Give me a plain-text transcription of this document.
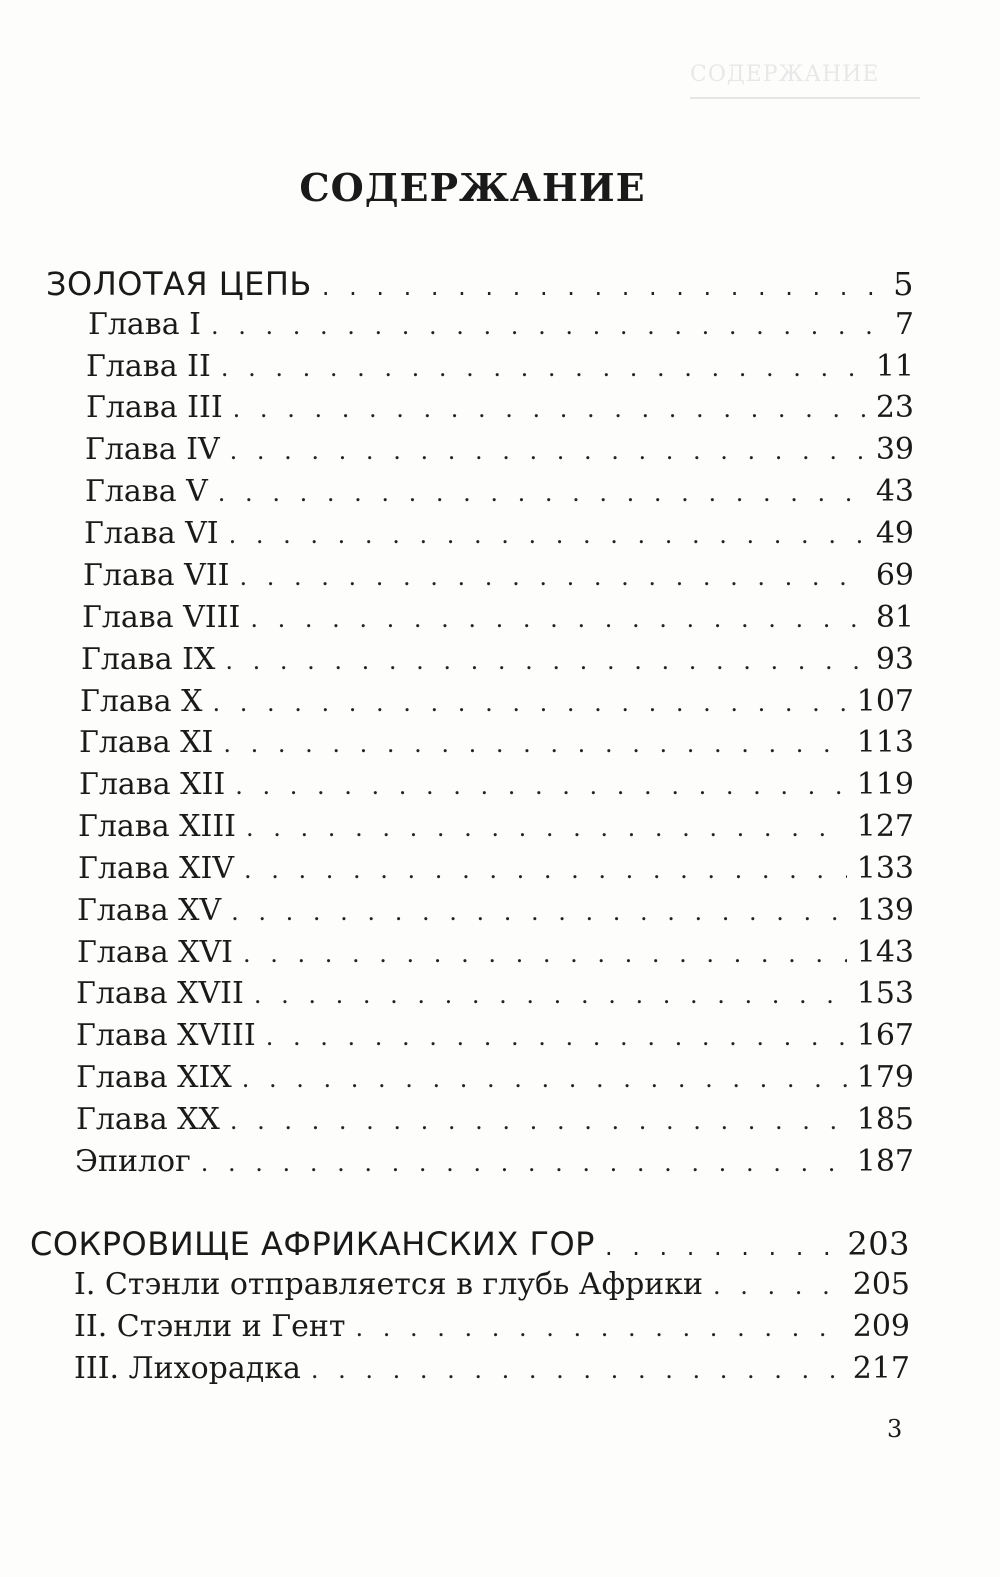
СОДЕРЖАНИЕ
СОДЕРЖАНИЕ
ЗОЛОТАЯ ЦЕПЬ . . .	5
Глава I . . .	7
Глава II . . .	11
Глава III . . .	23
Глава IV . . .	39
Глава V . . .	43
Глава VI . . .	49
Глава VII . . .	69
Глава VIII . . .	81
Глава IX . . .	93
Глава X . . .	107
Глава XI . . .	113
Глава XII . . .	119
Глава XIII . . .	127
Глава XIV . . .	133
Глава XV . . .	139
Глава XVI . . .	143
Глава XVII . . .	153
Глава XVIII . . .	167
Глава XIX . . .	179
Глава XX . . .	185
Эпилог . . .	187
СОКРОВИЩЕ АФРИКАНСКИХ ГОР . . .	203
I. Стэнли отправляется в глубь Африки . . .	205
II. Стэнли и Гент . . .	209
III. Лихорадка . . .	217
3
